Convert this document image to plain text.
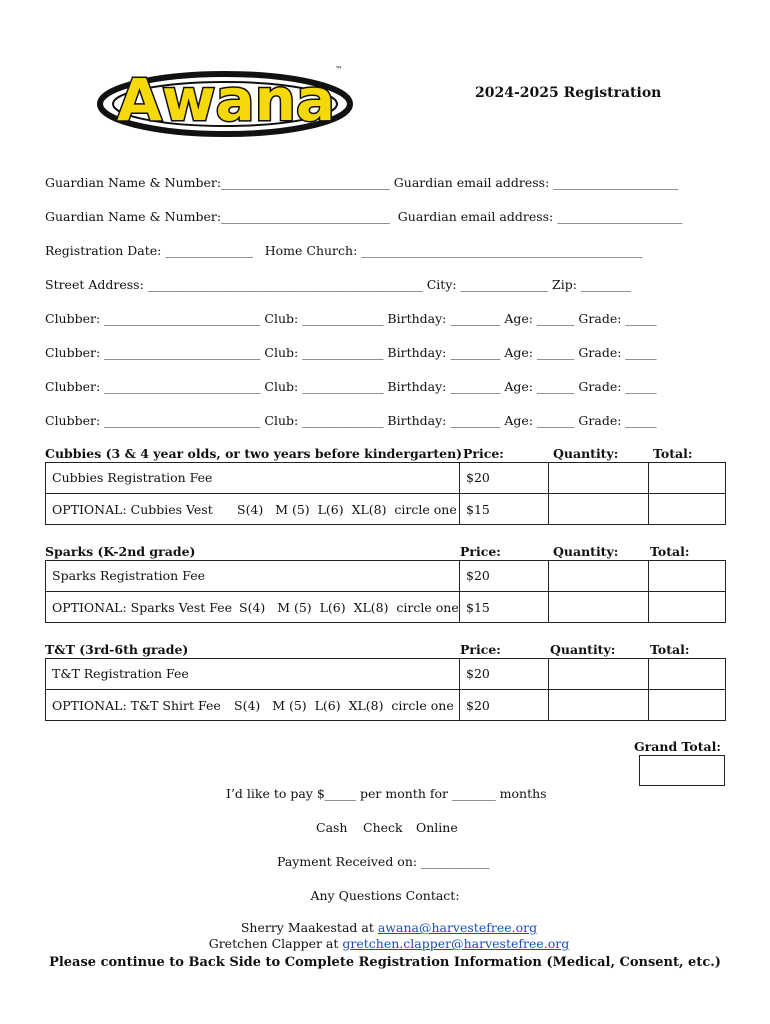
Awana ™
2024-2025 Registration
Guardian Name & Number:___________________________ Guardian email address: ____________________
Guardian Name & Number:___________________________  Guardian email address: ____________________
Registration Date: ______________   Home Church: _____________________________________________
Street Address: ____________________________________________ City: ______________ Zip: ________
Clubber: _________________________ Club: _____________ Birthday: ________ Age: ______ Grade: _____
Clubber: _________________________ Club: _____________ Birthday: ________ Age: ______ Grade: _____
Clubber: _________________________ Club: _____________ Birthday: ________ Age: ______ Grade: _____
Clubber: _________________________ Club: _____________ Birthday: ________ Age: ______ Grade: _____
Cubbies (3 & 4 year olds, or two years before kindergarten) Price:	Quantity:	Total:
Cubbies Registration Fee	$20
OPTIONAL: Cubbies Vest S(4)   M (5)  L(6)  XL(8)  circle one $15
Sparks (K-2nd grade)	Price:	Quantity:	Total:
Sparks Registration Fee	$20
OPTIONAL: Sparks Vest Fee S(4)   M (5)  L(6)  XL(8)  circle one $15
T&T (3rd-6th grade)	Price:	Quantity:	Total:
T&T Registration Fee	$20
OPTIONAL: T&T Shirt Fee S(4)   M (5)  L(6)  XL(8)  circle one $20
Grand Total:
I’d like to pay $_____ per month for _______ months
Cash Check Online
Payment Received on: ___________
Any Questions Contact:

Sherry Maakestad at awana@harvestefree.org

Gretchen Clapper at gretchen.clapper@harvestefree.org

Please continue to Back Side to Complete Registration Information (Medical, Consent, etc.)
